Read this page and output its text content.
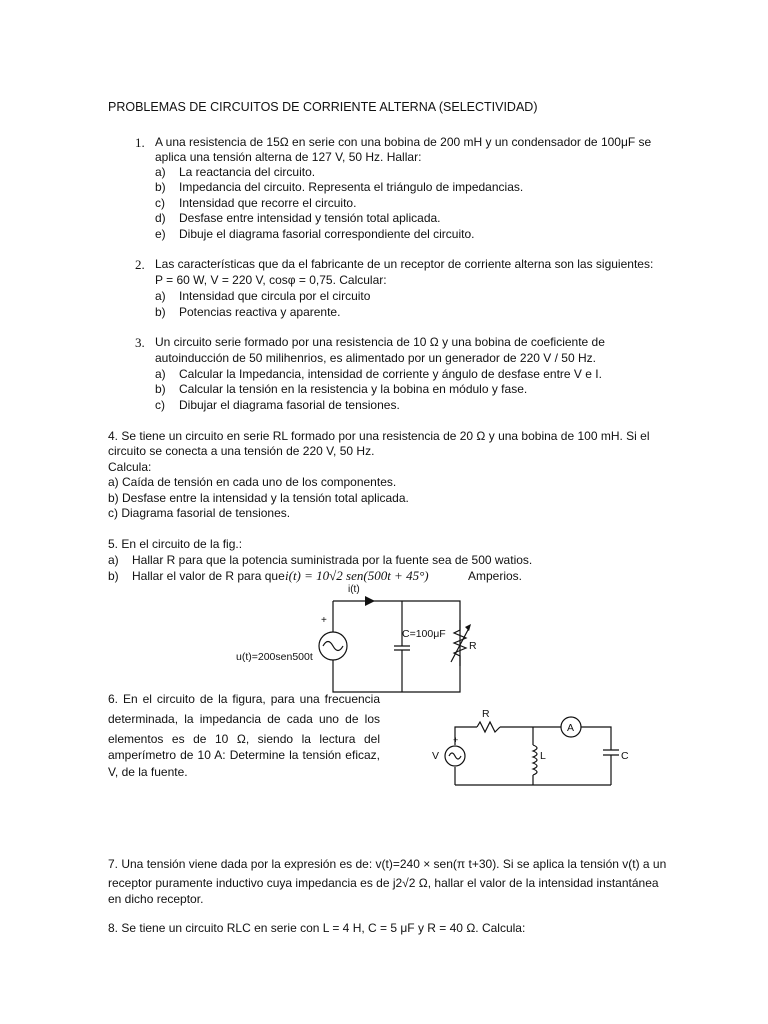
PROBLEMAS DE CIRCUITOS DE CORRIENTE ALTERNA (SELECTIVIDAD)
1. A una resistencia de 15Ω en serie con una bobina de 200 mH y un condensador de 100μF se
aplica una tensión alterna de 127 V, 50 Hz. Hallar:
a) La reactancia del circuito.
b) Impedancia del circuito. Representa el triángulo de impedancias.
c) Intensidad que recorre el circuito.
d) Desfase entre intensidad y tensión total aplicada.
e) Dibuje el diagrama fasorial correspondiente del circuito.
2. Las características que da el fabricante de un receptor de corriente alterna son las siguientes:
P = 60 W, V = 220 V, cosφ = 0,75. Calcular:
a) Intensidad que circula por el circuito
b) Potencias reactiva y aparente.
3. Un circuito serie formado por una resistencia de 10 Ω y una bobina de coeficiente de
autoinducción de 50 milihenrios, es alimentado por un generador de 220 V / 50 Hz.
a) Calcular la Impedancia, intensidad de corriente y ángulo de desfase entre V e I.
b) Calcular la tensión en la resistencia y la bobina en módulo y fase.
c) Dibujar el diagrama fasorial de tensiones.
4. Se tiene un circuito en serie RL formado por una resistencia de 20 Ω y una bobina de 100 mH. Si el
circuito se conecta a una tensión de 220 V, 50 Hz.
Calcula:
a) Caída de tensión en cada uno de los componentes.
b) Desfase entre la intensidad y la tensión total aplicada.
c) Diagrama fasorial de tensiones.
5. En el circuito de la fig.:
a) Hallar R para que la potencia suministrada por la fuente sea de 500 watios.
b) Hallar el valor de R para que i(t) = 10√2 sen(500t + 45°)	Amperios.
i(t)
+
u(t)=200sen500t
C=100μF
R
6. En el circuito de la figura, para una frecuencia
determinada, la impedancia de cada uno de los
elementos es de 10 Ω, siendo la lectura del
amperímetro de 10 A: Determine la tensión eficaz,
V, de la fuente.
R
A
V
+
L	C
7. Una tensión viene dada por la expresión es de: v(t)=240 × sen(π t+30). Si se aplica la tensión v(t) a un
receptor puramente inductivo cuya impedancia es de j2√2 Ω, hallar el valor de la intensidad instantánea
en dicho receptor.
8. Se tiene un circuito RLC en serie con L = 4 H, C = 5 μF y R = 40 Ω. Calcula:
